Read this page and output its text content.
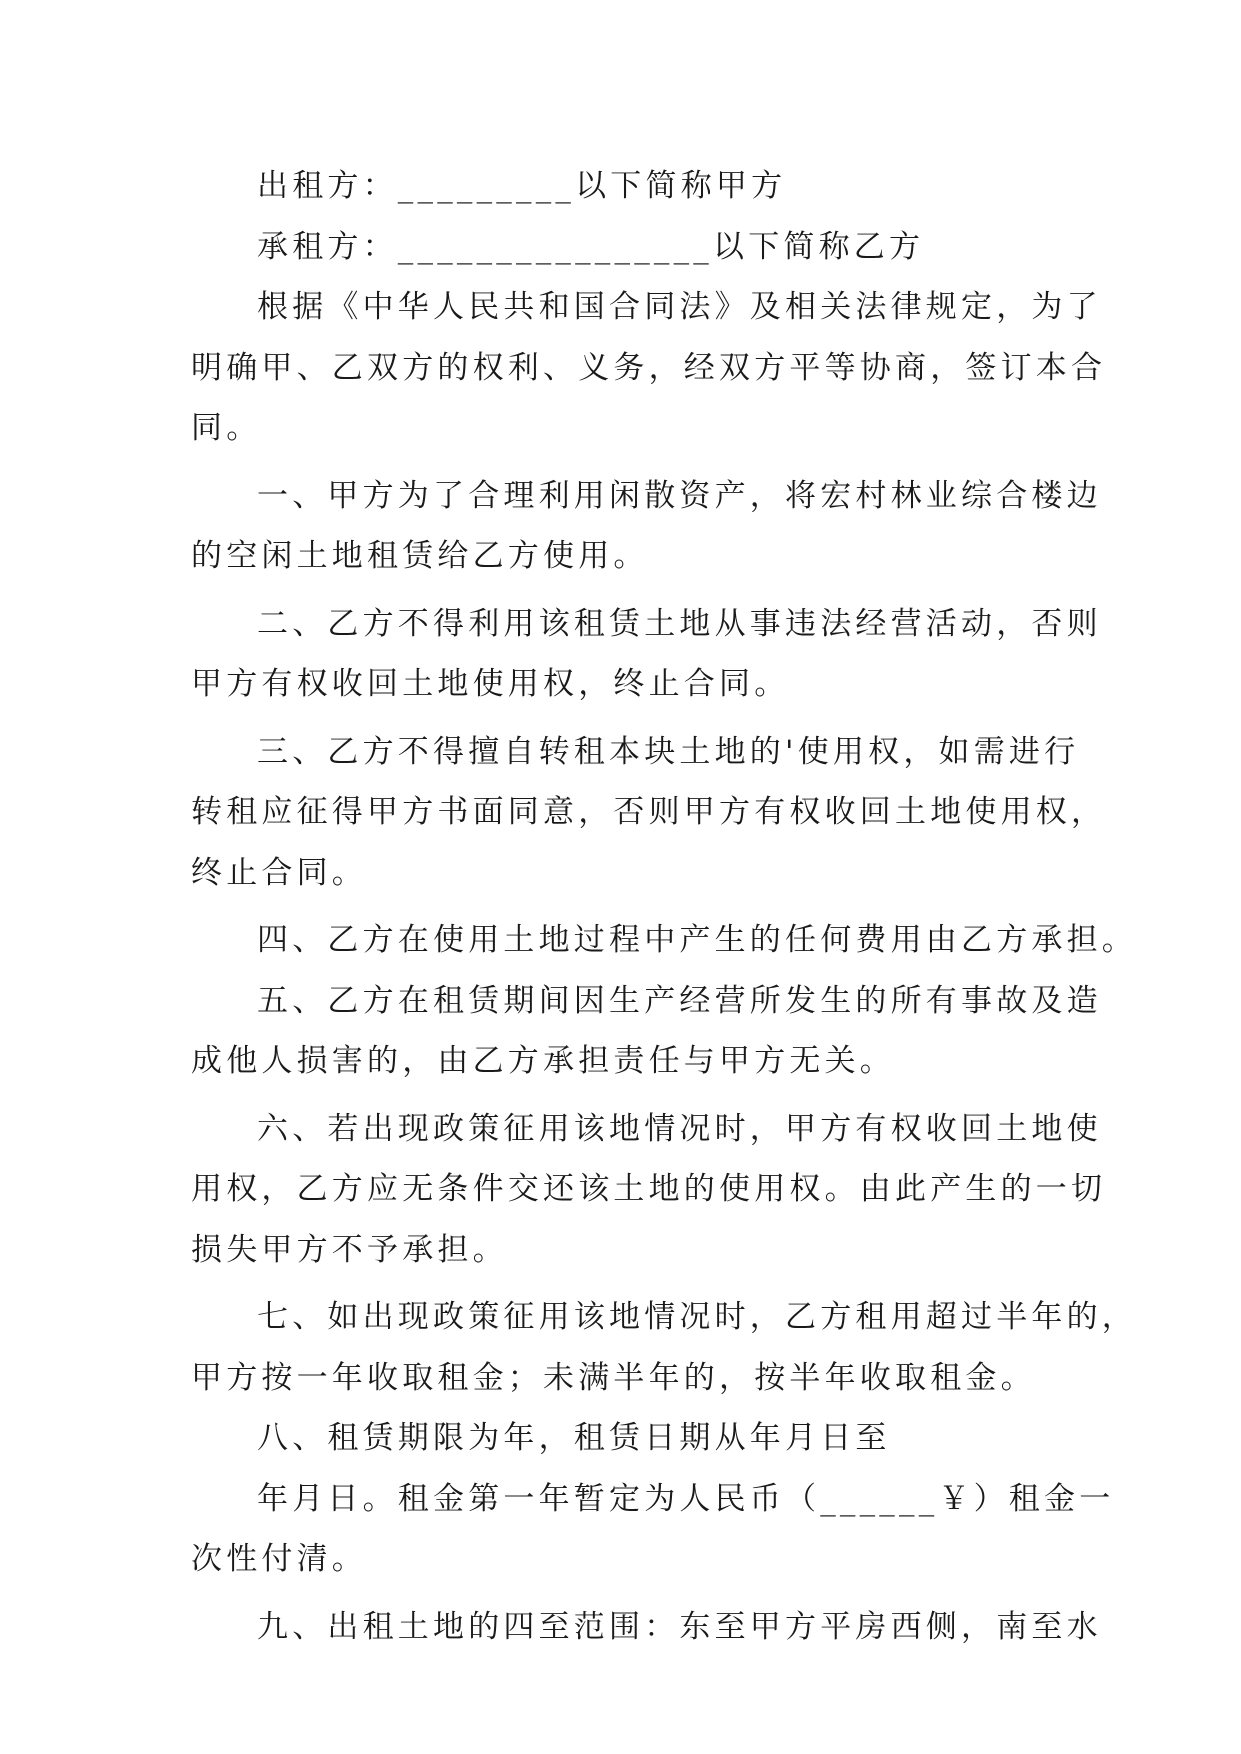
出租方：_________以下简称甲方
承租方：________________以下简称乙方
根据《中华人民共和国合同法》及相关法律规定，为了
明确甲、乙双方的权利、义务，经双方平等协商，签订本合
同。
一、甲方为了合理利用闲散资产，将宏村林业综合楼边
的空闲土地租赁给乙方使用。
二、乙方不得利用该租赁土地从事违法经营活动，否则
甲方有权收回土地使用权，终止合同。
三、乙方不得擅自转租本块土地的'使用权，如需进行
转租应征得甲方书面同意，否则甲方有权收回土地使用权，
终止合同。
四、乙方在使用土地过程中产生的任何费用由乙方承担。
五、乙方在租赁期间因生产经营所发生的所有事故及造
成他人损害的，由乙方承担责任与甲方无关。
六、若出现政策征用该地情况时，甲方有权收回土地使
用权，乙方应无条件交还该土地的使用权。由此产生的一切
损失甲方不予承担。
七、如出现政策征用该地情况时，乙方租用超过半年的，
甲方按一年收取租金；未满半年的，按半年收取租金。
八、租赁期限为年，租赁日期从年月日至
年月日。租金第一年暂定为人民币（______￥）租金一
次性付清。
九、出租土地的四至范围：东至甲方平房西侧，南至水
